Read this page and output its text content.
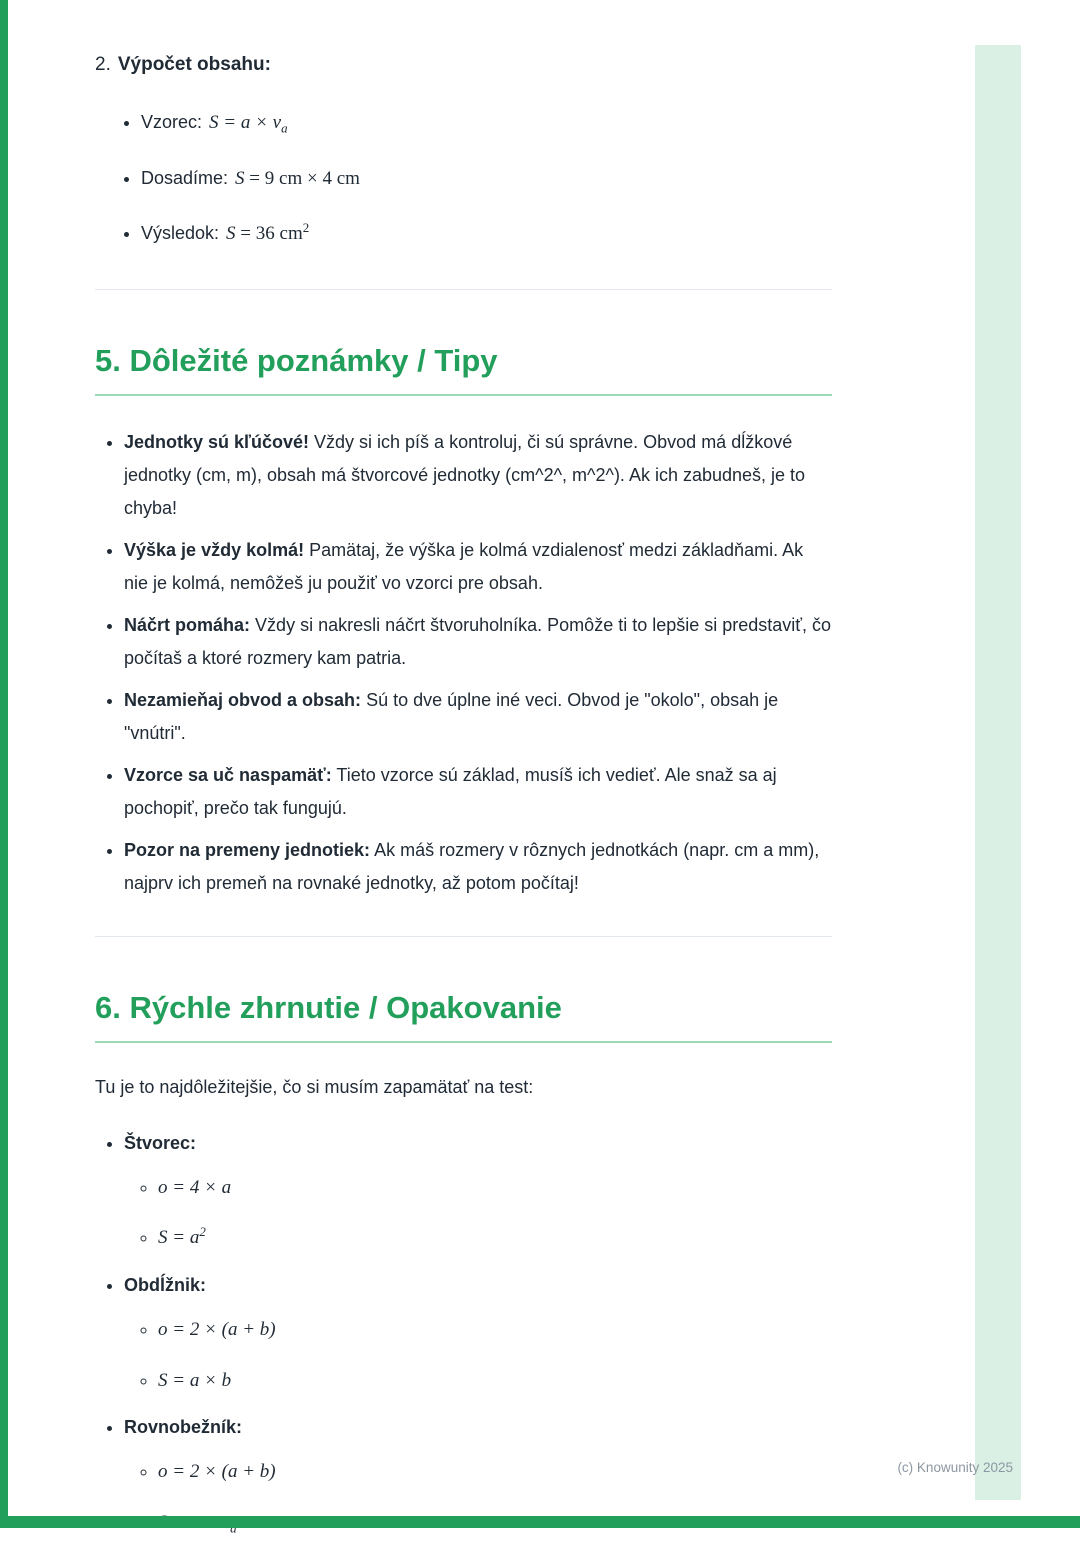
2. Výpočet obsahu:
• Vzorec: $S = a \times v_a$
• Dosadíme: S = 9 cm × 4 cm
• Výsledok: S = 36 $cm^2$
5. Dôležité poznámky / Tipy
• Jednotky sú kľúčové! Vždy si ich píš a kontroluj, či sú správne. Obvod má dĺžkové jednotky (cm, m), obsah má štvorcové jednotky (cm^2^, m^2^). Ak ich zabudneš, je to chyba!
• Výška je vždy kolmá! Pamätaj, že výška je kolmá vzdialenosť medzi základňami. Ak nie je kolmá, nemôžeš ju použiť vo vzorci pre obsah.
• Náčrt pomáha: Vždy si nakresli náčrt štvoruholníka. Pomôže ti to lepšie si predstaviť, čo počítaš a ktoré rozmery kam patria.
• Nezamieňaj obvod a obsah: Sú to dve úplne iné veci. Obvod je "okolo", obsah je "vnútri".
• Vzorce sa uč naspamäť: Tieto vzorce sú základ, musíš ich vedieť. Ale snaž sa aj pochopiť, prečo tak fungujú.
• Pozor na premeny jednotiek: Ak máš rozmery v rôznych jednotkách (napr. cm a mm), najprv ich premeň na rovnaké jednotky, až potom počítaj!
6. Rýchle zhrnutie / Opakovanie

Tu je to najdôležitejšie, čo si musím zapamätať na test:

• Štvorec:
◦ o = 4 × a
◦ $S = a^2$
• Obdĺžnik:
◦ o = 2 × (a + b)
◦ S = a × b
• Rovnobežník:
◦ o = 2 × (a + b)
◦	(c) Knowunity 2025
